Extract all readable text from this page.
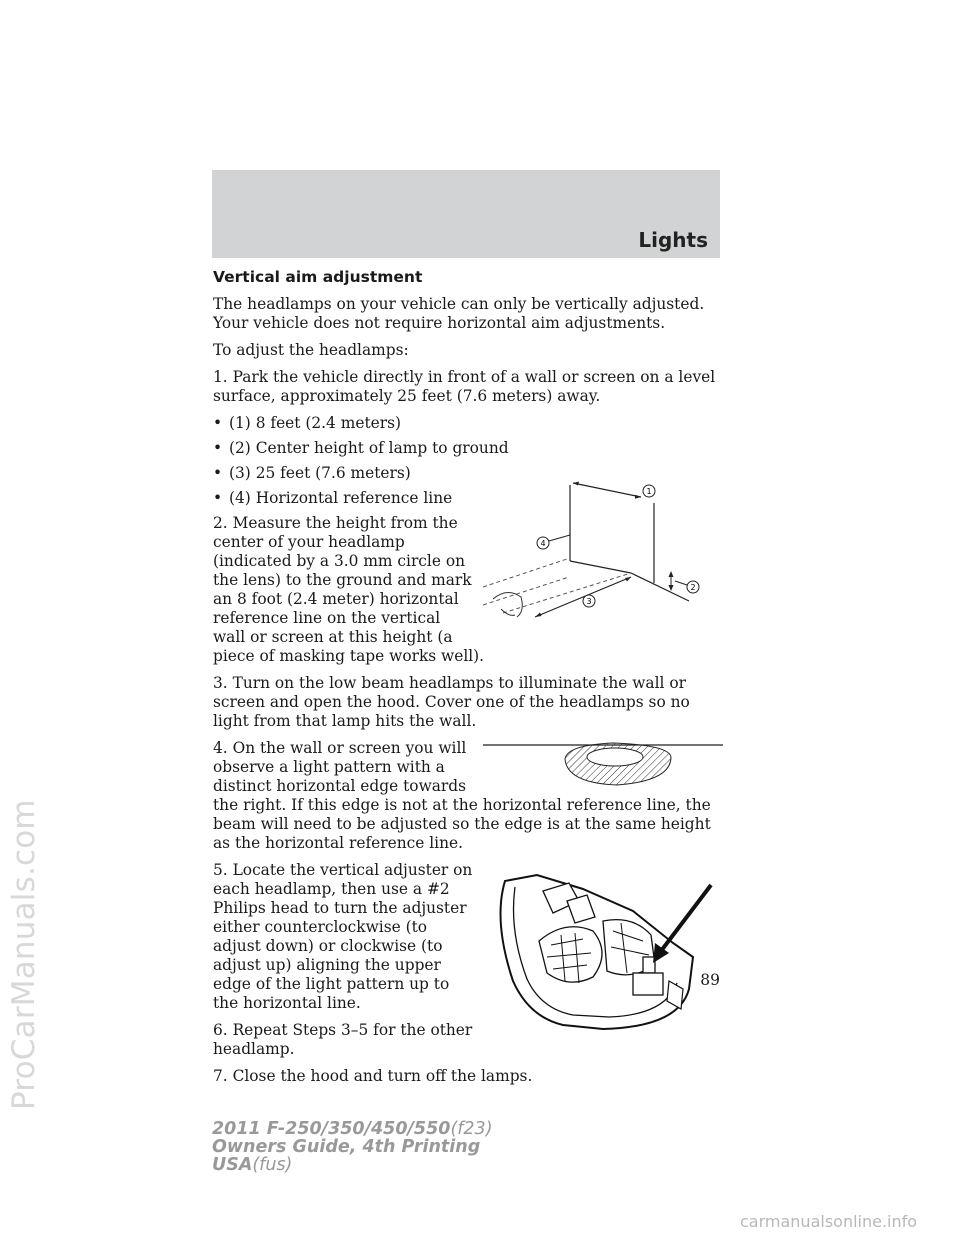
ProCarManuals.com
Lights
Vertical aim adjustment

The headlamps on your vehicle can only be vertically adjusted. Your vehicle does not require horizontal aim adjustments.

To adjust the headlamps:

1. Park the vehicle directly in front of a wall or screen on a level surface, approximately 25 feet (7.6 meters) away.

• (1) 8 feet (2.4 meters)
• (2) Center height of lamp to ground
• (3) 25 feet (7.6 meters)
1
4
2
3
• (4) Horizontal reference line

2. Measure the height from the center of your headlamp (indicated by a 3.0 mm circle on the lens) to the ground and mark an 8 foot (2.4 meter) horizontal reference line on the vertical wall or screen at this height (a piece of masking tape works well).

3. Turn on the low beam headlamps to illuminate the wall or screen and open the hood. Cover one of the headlamps so no light from that lamp hits the wall.

4. On the wall or screen you will observe a light pattern with a distinct horizontal edge towards the right. If this edge is not at the horizontal reference line, the beam will need to be adjusted so the edge is at the same height as the horizontal reference line.

5. Locate the vertical adjuster on each headlamp, then use a #2 Philips head to turn the adjuster either counterclockwise (to adjust down) or clockwise (to adjust up) aligning the upper edge of the light pattern up to the horizontal line.

6. Repeat Steps 3–5 for the other headlamp.

7. Close the hood and turn off the lamps.

89
2011 F-250/350/450/550(f23)
Owners Guide, 4th Printing
USA(fus)
carmanualsonline.info
